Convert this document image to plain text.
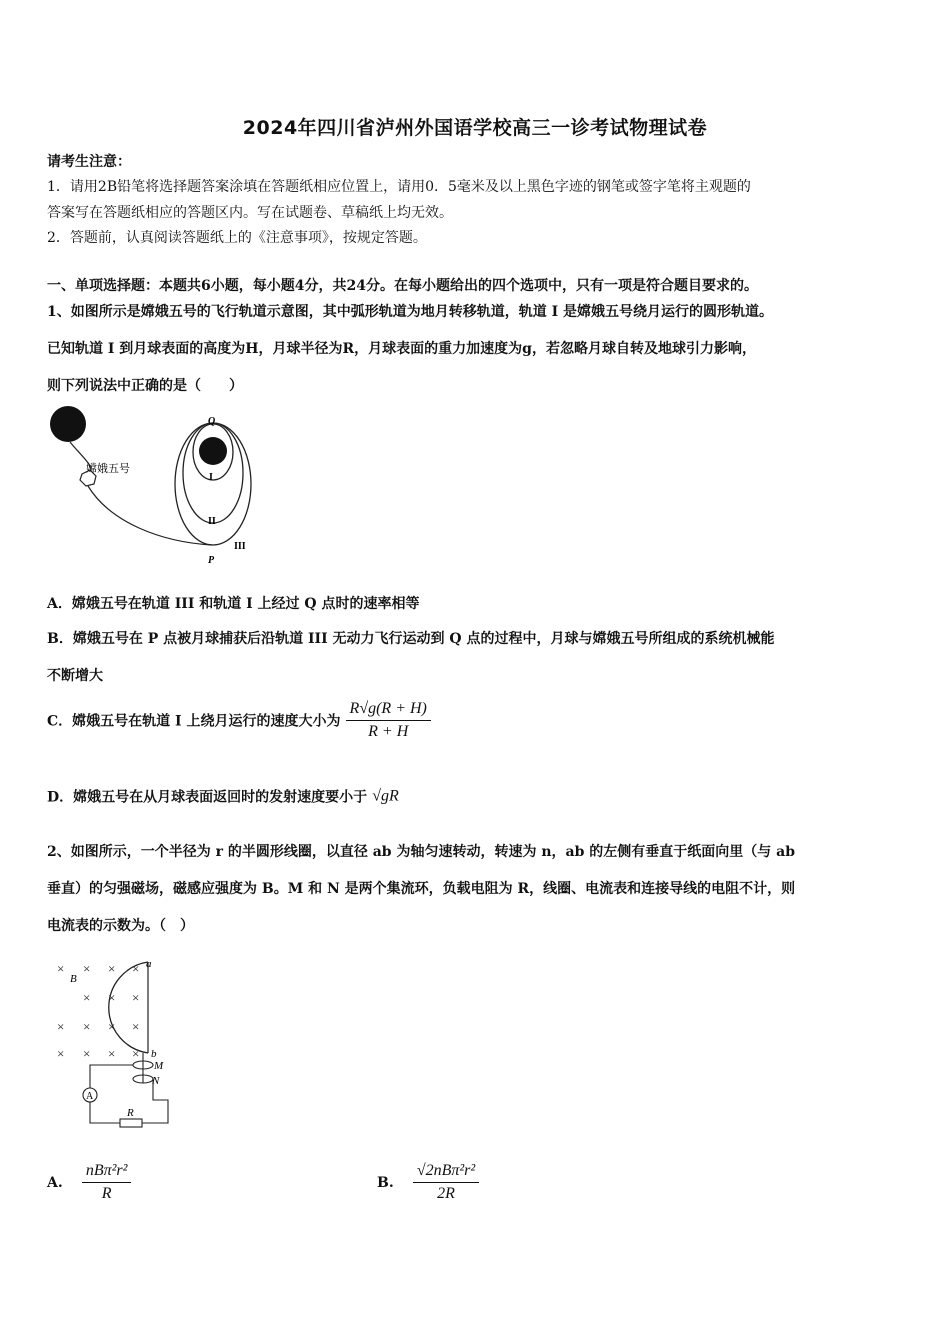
2024年四川省泸州外国语学校高三一诊考试物理试卷
请考生注意：
1．请用2B铅笔将选择题答案涂填在答题纸相应位置上，请用0．5毫米及以上黑色字迹的钢笔或签字笔将主观题的
答案写在答题纸相应的答题区内。写在试题卷、草稿纸上均无效。
2．答题前，认真阅读答题纸上的《注意事项》，按规定答题。
一、单项选择题：本题共6小题，每小题4分，共24分。在每小题给出的四个选项中，只有一项是符合题目要求的。
1、如图所示是嫦娥五号的飞行轨道示意图，其中弧形轨道为地月转移轨道，轨道 I 是嫦娥五号绕月运行的圆形轨道。
已知轨道 I 到月球表面的高度为H，月球半径为R，月球表面的重力加速度为g，若忽略月球自转及地球引力影响，
则下列说法中正确的是（　　）
嫦娥五号
Q
I
II
III
P
A．嫦娥五号在轨道 III 和轨道 I 上经过 Q 点时的速率相等
B．嫦娥五号在 P 点被月球捕获后沿轨道 III 无动力飞行运动到 Q 点的过程中，月球与嫦娥五号所组成的系统机械能
不断增大
C．嫦娥五号在轨道 I 上绕月运行的速度大小为 $\frac{R√g(R + H)}{R + H}$
D．嫦娥五号在从月球表面返回时的发射速度要小于 √gR
2、如图所示，一个半径为 r 的半圆形线圈，以直径 ab 为轴匀速转动，转速为 n，ab 的左侧有垂直于纸面向里（与 ab
垂直）的匀强磁场，磁感应强度为 B。M 和 N 是两个集流环，负载电阻为 R，线圈、电流表和连接导线的电阻不计，则
电流表的示数为。（　）
× × × ×
× × ×
× × × ×
× × × ×
B
a
b
M
N
A
R
A. $\frac{\text{nBπ²r²}}{R}$	B. $\frac{\text{√2nBπ²r²}}{2R}$
